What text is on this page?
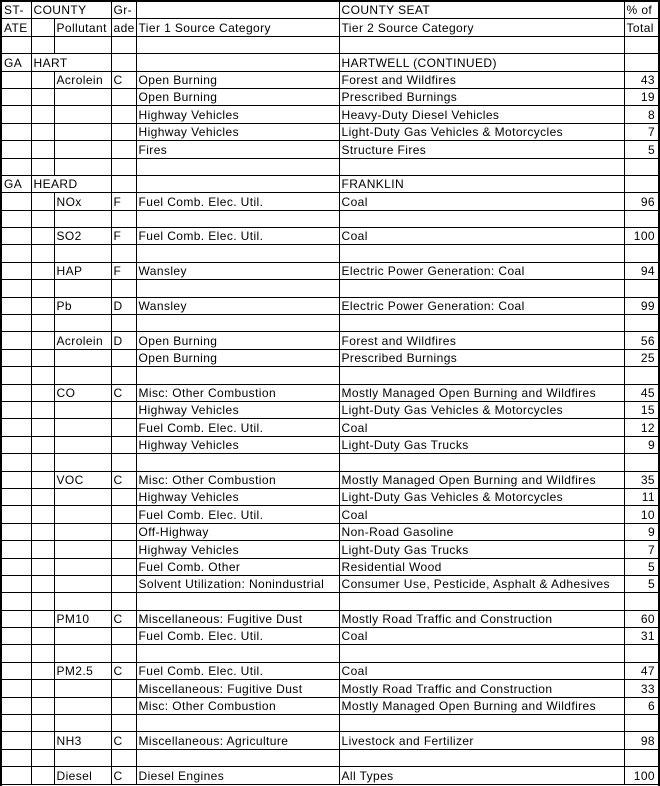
ST-	COUNTY		Gr-		COUNTY SEAT	% of
ATE		Pollutant	ade	Tier 1 Source Category	Tier 2 Source Category	Total

GA	HART				HARTWELL (CONTINUED)	
		Acrolein	C	Open Burning	Forest and Wildfires	43
				Open Burning	Prescribed Burnings	19
				Highway Vehicles	Heavy-Duty Diesel Vehicles	8
				Highway Vehicles	Light-Duty Gas Vehicles & Motorcycles	7
				Fires	Structure Fires	5

GA	HEARD				FRANKLIN	
		NOx	F	Fuel Comb. Elec. Util.	Coal	96

		SO2	F	Fuel Comb. Elec. Util.	Coal	100

		HAP	F	Wansley	Electric Power Generation: Coal	94

		Pb	D	Wansley	Electric Power Generation: Coal	99

		Acrolein	D	Open Burning	Forest and Wildfires	56
				Open Burning	Prescribed Burnings	25

		CO	C	Misc: Other Combustion	Mostly Managed Open Burning and Wildfires	45
				Highway Vehicles	Light-Duty Gas Vehicles & Motorcycles	15
				Fuel Comb. Elec. Util.	Coal	12
				Highway Vehicles	Light-Duty Gas Trucks	9

		VOC	C	Misc: Other Combustion	Mostly Managed Open Burning and Wildfires	35
				Highway Vehicles	Light-Duty Gas Vehicles & Motorcycles	11
				Fuel Comb. Elec. Util.	Coal	10
				Off-Highway	Non-Road Gasoline	9
				Highway Vehicles	Light-Duty Gas Trucks	7
				Fuel Comb. Other	Residential Wood	5
				Solvent Utilization: Nonindustrial	Consumer Use, Pesticide, Asphalt & Adhesives	5

		PM10	C	Miscellaneous: Fugitive Dust	Mostly Road Traffic and Construction	60
				Fuel Comb. Elec. Util.	Coal	31

		PM2.5	C	Fuel Comb. Elec. Util.	Coal	47
				Miscellaneous: Fugitive Dust	Mostly Road Traffic and Construction	33
				Misc: Other Combustion	Mostly Managed Open Burning and Wildfires	6

		NH3	C	Miscellaneous: Agriculture	Livestock and Fertilizer	98

		Diesel	C	Diesel Engines	All Types	100
